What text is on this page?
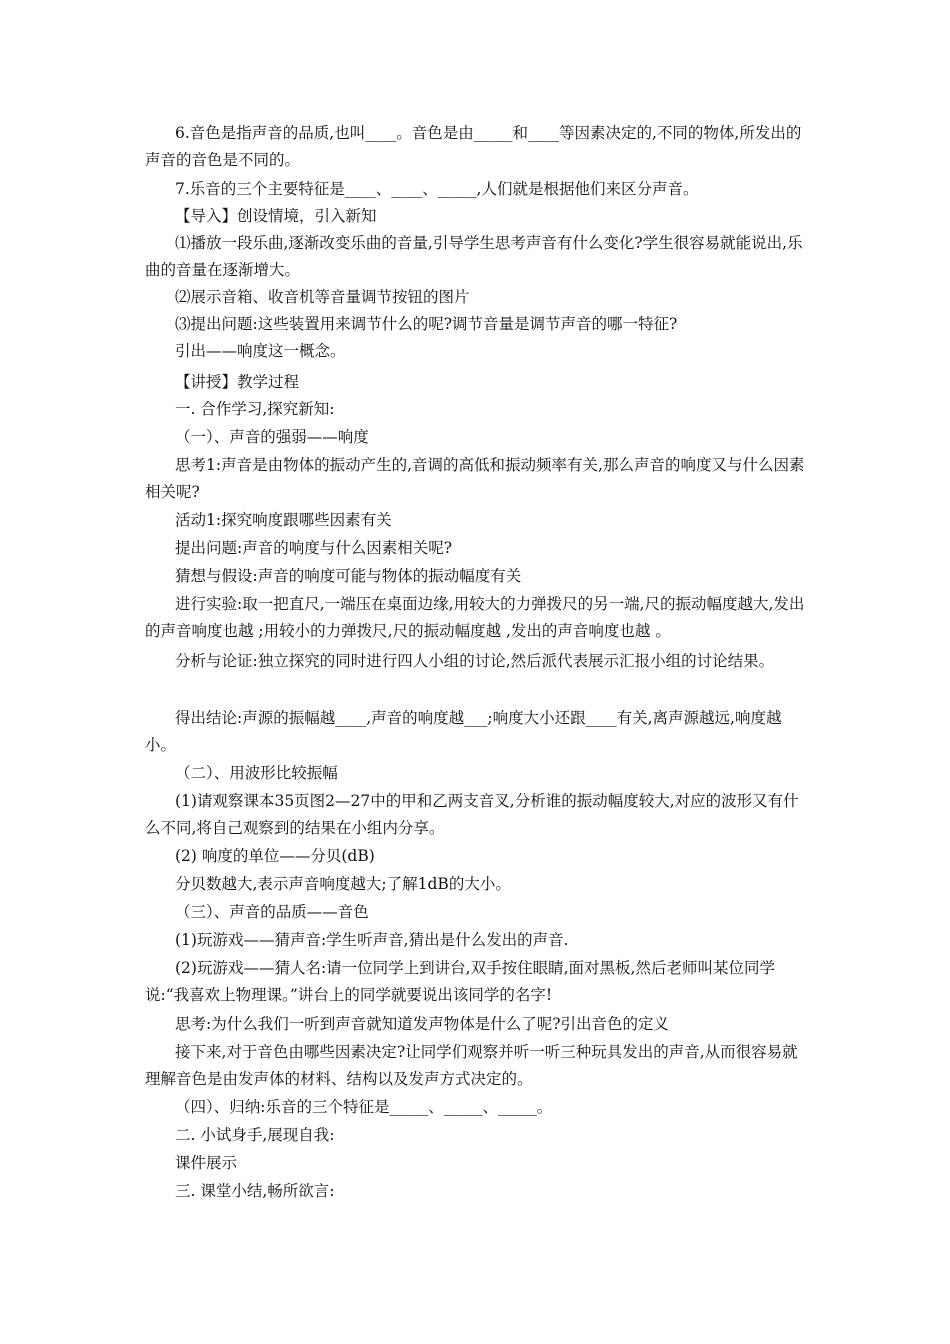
6.音色是指声音的品质,也叫____。音色是由_____和____等因素决定的,不同的物体,所发出的声音的音色是不同的。
7.乐音的三个主要特征是____、____、_____,人们就是根据他们来区分声音。
【导入】创设情境，引入新知
⑴播放一段乐曲,逐渐改变乐曲的音量,引导学生思考声音有什么变化?学生很容易就能说出,乐曲的音量在逐渐增大。
⑵展示音箱、收音机等音量调节按钮的图片
⑶提出问题:这些装置用来调节什么的呢?调节音量是调节声音的哪一特征?
引出——响度这一概念。
【讲授】教学过程
一. 合作学习,探究新知:
（一）、声音的强弱——响度
思考1:声音是由物体的振动产生的,音调的高低和振动频率有关,那么声音的响度又与什么因素相关呢?
活动1:探究响度跟哪些因素有关
提出问题:声音的响度与什么因素相关呢?
猜想与假设:声音的响度可能与物体的振动幅度有关
进行实验:取一把直尺,一端压在桌面边缘,用较大的力弹拨尺的另一端,尺的振动幅度越大,发出的声音响度也越 ;用较小的力弹拨尺,尺的振动幅度越 ,发出的声音响度也越 。
分析与论证:独立探究的同时进行四人小组的讨论,然后派代表展示汇报小组的讨论结果。
得出结论:声源的振幅越____,声音的响度越___;响度大小还跟____有关,离声源越远,响度越小。
（二）、用波形比较振幅
(1)请观察课本35页图2—27中的甲和乙两支音叉,分析谁的振动幅度较大,对应的波形又有什么不同,将自己观察到的结果在小组内分享。
(2) 响度的单位——分贝(dB)
分贝数越大,表示声音响度越大;了解1dB的大小。
（三）、声音的品质——音色
(1)玩游戏——猜声音:学生听声音,猜出是什么发出的声音.
(2)玩游戏——猜人名:请一位同学上到讲台,双手按住眼睛,面对黑板,然后老师叫某位同学说:“我喜欢上物理课。”讲台上的同学就要说出该同学的名字!
思考:为什么我们一听到声音就知道发声物体是什么了呢?引出音色的定义
接下来,对于音色由哪些因素决定?让同学们观察并听一听三种玩具发出的声音,从而很容易就理解音色是由发声体的材料、结构以及发声方式决定的。
（四）、归纳:乐音的三个特征是_____、_____、_____。
二. 小试身手,展现自我:
课件展示
三. 课堂小结,畅所欲言:
